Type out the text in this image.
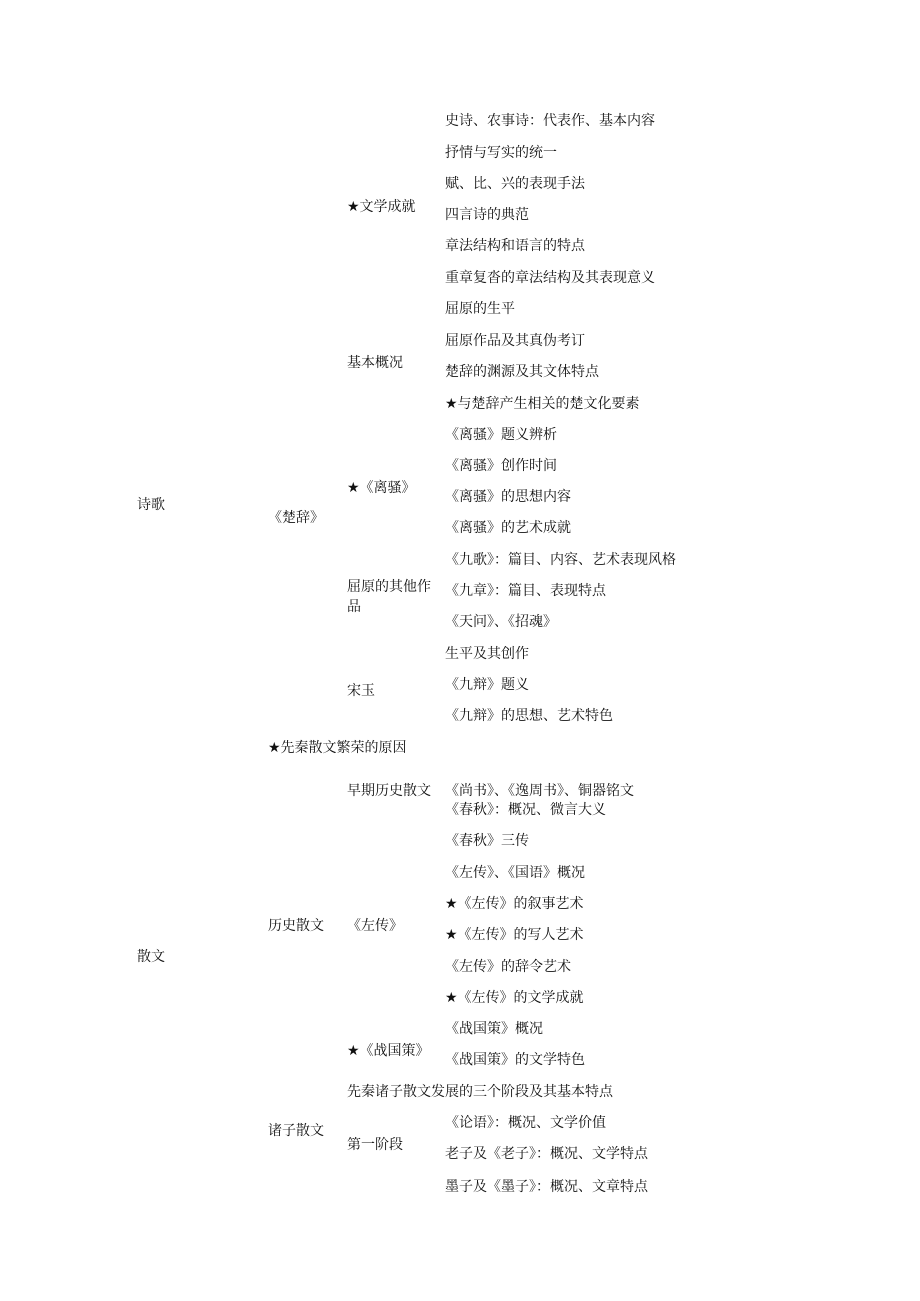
诗歌
散文
《楚辞》
★先秦散文繁荣的原因
历史散文
诸子散文
★文学成就
基本概况
★《离骚》
屈原的其他作品
宋玉
早期历史散文
《左传》
★《战国策》
先秦诸子散文发展的三个阶段及其基本特点
第一阶段
史诗、农事诗：代表作、基本内容
抒情与写实的统一
赋、比、兴的表现手法
四言诗的典范
章法结构和语言的特点
重章复沓的章法结构及其表现意义
屈原的生平
屈原作品及其真伪考订
楚辞的渊源及其文体特点
★与楚辞产生相关的楚文化要素
《离骚》题义辨析
《离骚》创作时间
《离骚》的思想内容
《离骚》的艺术成就
《九歌》：篇目、内容、艺术表现风格
《九章》：篇目、表现特点
《天问》、《招魂》
生平及其创作
《九辩》题义
《九辩》的思想、艺术特色
《尚书》、《逸周书》、铜器铭文
《春秋》：概况、微言大义
《春秋》三传
《左传》、《国语》概况
★《左传》的叙事艺术
★《左传》的写人艺术
《左传》的辞令艺术
★《左传》的文学成就
《战国策》概况
《战国策》的文学特色
《论语》：概况、文学价值
老子及《老子》：概况、文学特点
墨子及《墨子》：概况、文章特点
